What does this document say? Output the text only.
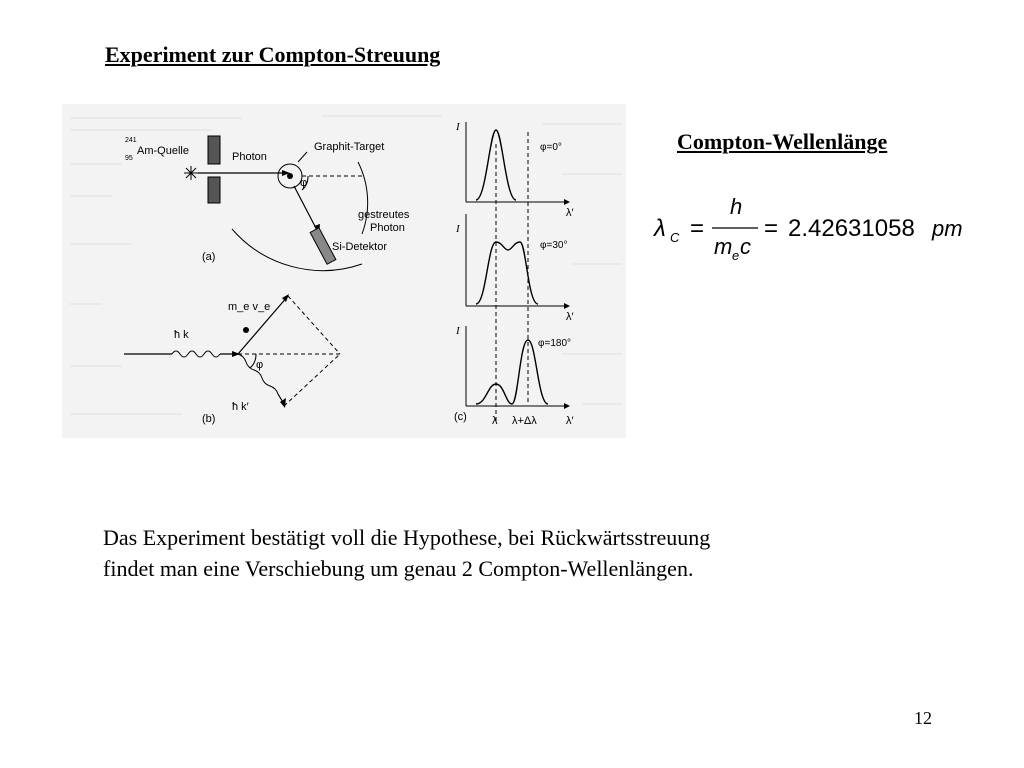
Experiment zur Compton-Streuung
241
95
Am-Quelle	Photon
Graphit-Target
φ
gestreutes
Photon
Si-Detektor
(a)
ħ k
m_e v_e
ħ k′
φ
(b)
I
I
I
λ′
λ′
λ′
φ=0°
φ=30°
φ=180°
λ λ+Δλ
(c)
Compton-Wellenlänge
λ C =
h
m e c
= 2.42631058 pm
Das Experiment bestätigt voll die Hypothese, bei Rückwärtsstreuung
findet man eine Verschiebung um genau 2 Compton-Wellenlängen.
12
